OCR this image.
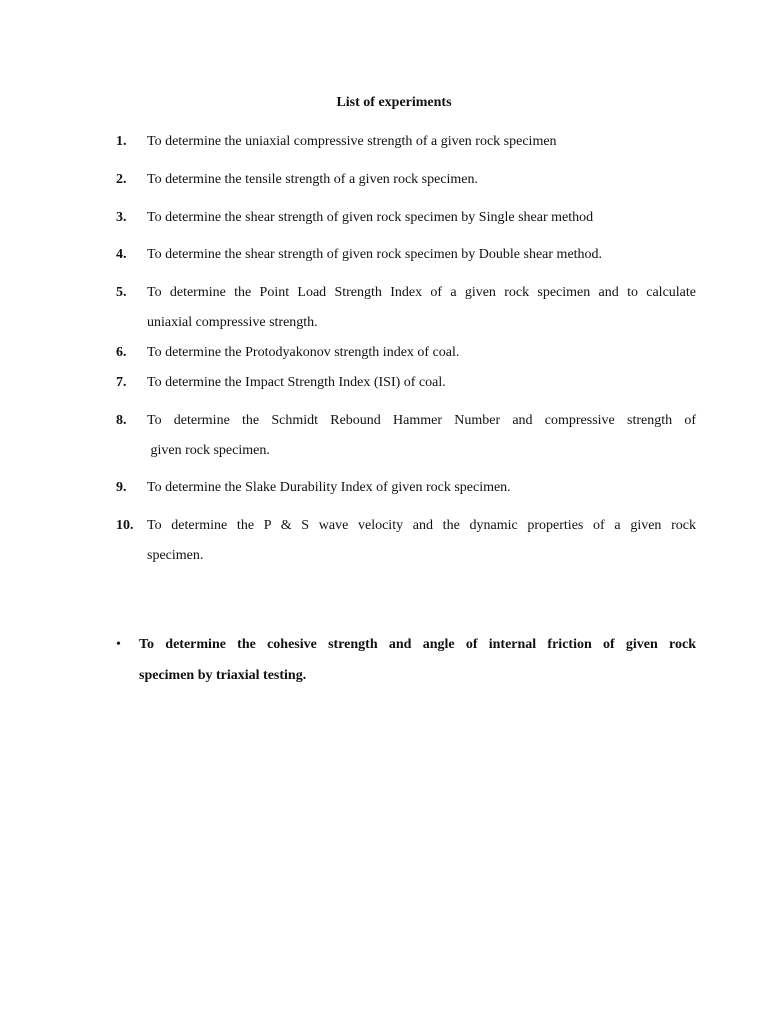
List of experiments
1. To determine the uniaxial compressive strength of a given rock specimen
2. To determine the tensile strength of a given rock specimen.
3. To determine the shear strength of given rock specimen by Single shear method
4. To determine the shear strength of given rock specimen by Double shear method.
5. To determine the Point Load Strength Index of a given rock specimen and to calculate
uniaxial compressive strength.
6. To determine the Protodyakonov strength index of coal.
7. To determine the Impact Strength Index (ISI) of coal.
8. To determine the Schmidt Rebound Hammer Number and compressive strength of
given rock specimen.
9. To determine the Slake Durability Index of given rock specimen.
10. To determine the P & S wave velocity and the dynamic properties of a given rock
specimen.
• To determine the cohesive strength and angle of internal friction of given rock
specimen by triaxial testing.
